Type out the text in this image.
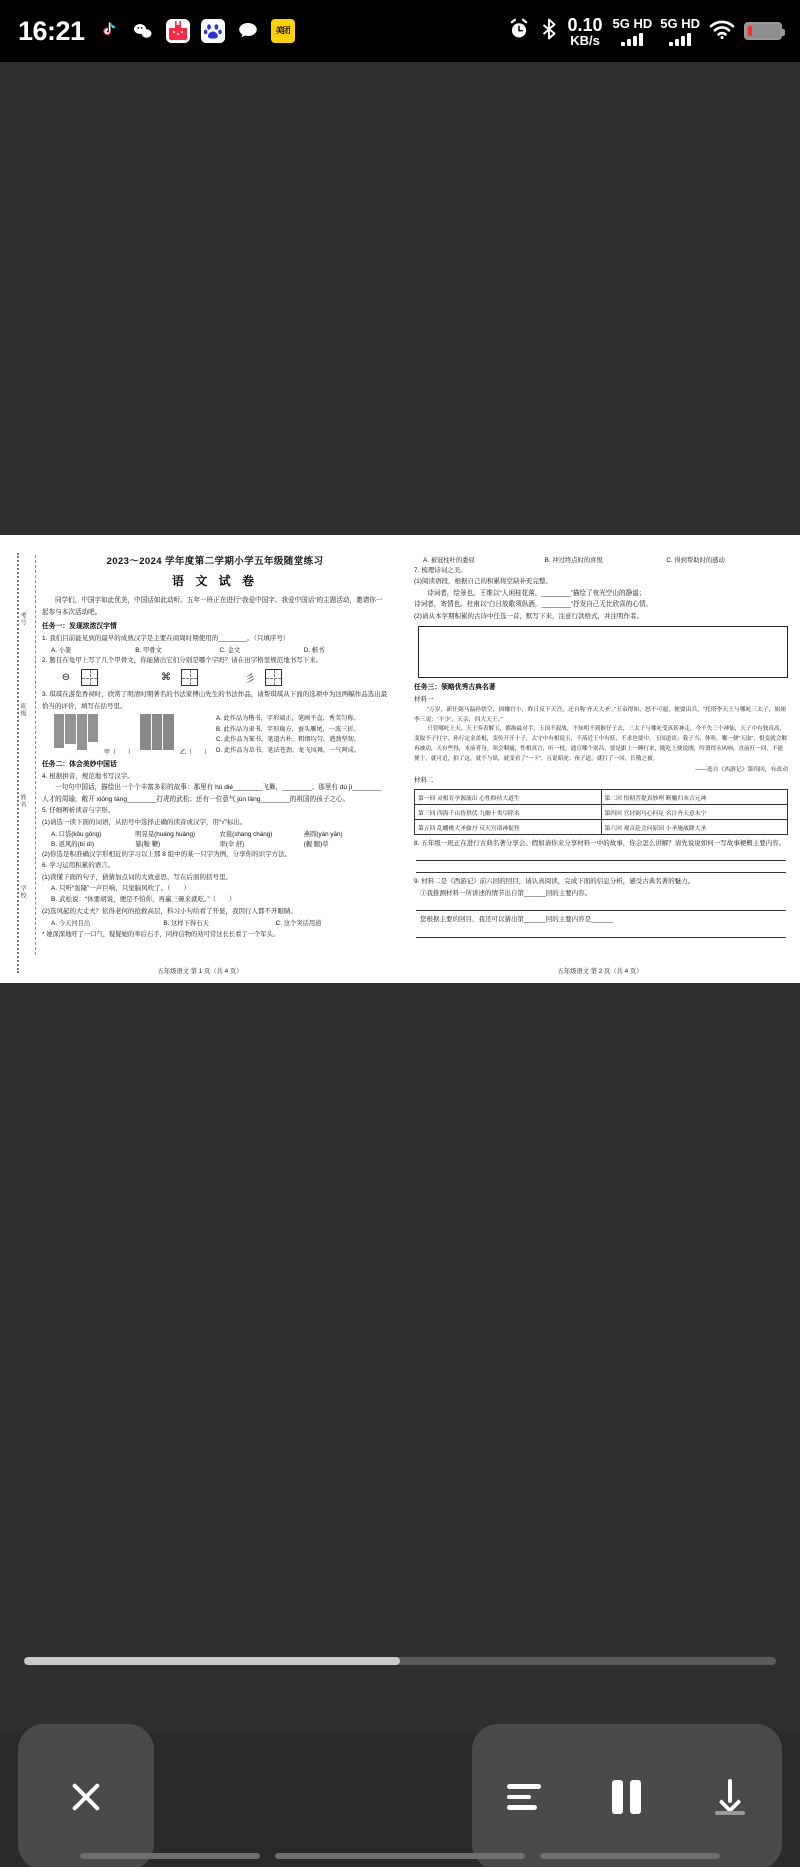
16:21	美团	0.10
KB/s
5G HD 5G HD
考号
班级
姓名
学校
2023～2024 学年度第二学期小学五年级随堂练习
语 文 试 卷
同学们，中国字如此优美，中国话如此动听。五年一班正在进行“我爱中国字、我爱中国话”的主题活动，邀请你一起参与本次活动吧。
任务一：发现浓浓汉字情
1. 我们目前能见到的最早的成熟汉字是主要在商周时期使用的________。（只填序号）
A. 小篆	B. 甲骨文	C. 金文	D. 楷书
2. 题目在龟甲上写了几个甲骨文，你能猜出它们分别是哪个字吗？请在田字格里规范地书写下来。
⊖	⌘	彡
3. 琪琪在游览香祠时，欣赏了明清时期著名的书法家傅山先生的书法作品，请帮琪琪从下面的选项中为这两幅作品选出最恰当的评价，填写在括号里。
甲（　　）	乙（　　）
A. 此作品为楷书，字形端正，笔画平直，秀美匀称。
B. 此作品为隶书，字形扁方，蚕头雁尾，一波三折。
C. 此作品为篆书，笔道古朴，粗细均匀，遒劲坚韧。
D. 此作品为草书，笔法苍劲，龙飞凤舞，一气呵成。
任务二：体会美妙中国话
4. 根据拼音，规范地书写汉字。
一句句中国话，描绘出一个个丰富多彩的故事：那里有 hú dié________飞舞，________；那里有 dù jì________人才的周瑜，敞开 xiōng táng________打虎的武松；还有一位意气 jùn lǎng________的祖国的孩子之心。
5. 仔细辨析读音与字形。
(1)请选一读下面的词语，从括号中选择正确的读音或汉字，用“√”标出。
A. 口袋(kǒu gǒng)	明晃晃(huáng huǎng)	农裳(shang cháng)	燕圆(yàn yān)
B. 返风的(bì dì)	纂(鞍 鞭)	率(伞 舒)	(幄 腿)草
(2)你选是积准确汉字形相近的字习以上那 8 组中的某一只字为例，分享你的识字方法。
6. 学习运用积累的语言。
(1)读懂下面的句子，猜猜加点词的大致意思，写在后面的括号里。
A. 只听“轰隆”一声巨响，只觉脑风吹了。（　　）
B. 武松说：“休要胡说，便是不怕你，再赢三碗来就吃。”（　　）
(2)选风起的大丈夫？依得老何的抢救高层，科习小句给看了开显，我因行人都不开眼睛。
A. 今天河且出	B. 这样下得石天	C. 这个突话用道
* 她深深地吁了一口气，疑疑她的举后石手，同样信物的劝可常这长长看了一个军头。
五年级语文 第 1 页（共 4 页）
A. 被冠柱叶的委屈	B. 冲过终点时的喜悦	C. 得到帮助时的感动
7. 梳理诗词之美。
(1)阅读语段，根据自己的积累将空缺补充完整。
诗词者，绘景也。王维以“人闲桂花落，________”描绘了夜光空山的静谧；
诗词者，寄情也。杜甫以“白日放歌须纵酒，________”抒发自己无比欣喜的心情。
(2)请从本学期积累的古诗中任选一首，默写下来，注意行款格式，并注明作者。
任务三：领略优秀古典名著
材料一
“万岁，新任弼马温孙悟空，因嫌官小，昨日反下天宫，还自称‘齐天大圣’。”玉帝得知，怒不可遏，便要出兵，“托塔李天王与哪吒三太子，姐姐李三说：‘不少’，天亲，四大天王。”
只管哪吒上天，天王奏表解玉，都换最对手，玉国不混战，不知明不到猴仔子去，三太子与哪吒受真妖神走，今不失三个神仙，天子中有独真高，变取不子打字，孙行定金盖棍，变传开开十子，太守中有相说玉，不落近王中有妖，不求也要中，玉国道谈；我子当，休哈，哪一便“天取”，恨变就会解再被动，天有些得，本前者身。须会咽痛，性相真言，听一枕，通宣哪个别昌，要是跟上一睡打来，随吃上便说刚，吟谓得永风响，直前打一回，不能便于，就可追，拍了这，就不与妖，就变看了“一下”。且说昭虎；孩子道，就打了一回，长敬之被。
——选自《西游记》第四回，有改动
材料二
第一回 灵根育孕源流出 心性修持大道生	第二回 悟彻菩提真妙理 断魔归本合元神
第三回 四海千山皆拱伏 九幽十类尽除名	第四回 官封弼马心何足 名注齐天意未宁
第五回 乱蟠桃大圣偷丹 反天宫诸神捉怪	第六回 观音赴会问原因 小圣施威降大圣
8. 五年级一班正在进行古典名著分享会。假如请你来分享材料一中的故事，你会怎么讲解？请先说说如何一写故事梗概主要内容。
9. 材料二是《西游记》前六回的回目，请认真阅读，完成下面的信息分析，感受古典名著的魅力。
①我推测材料一所讲述的情节出自第______回的主要内容。
您根据主要的回目，我还可以猜出第______回的主要内容是______
五年级语文 第 2 页（共 4 页）
